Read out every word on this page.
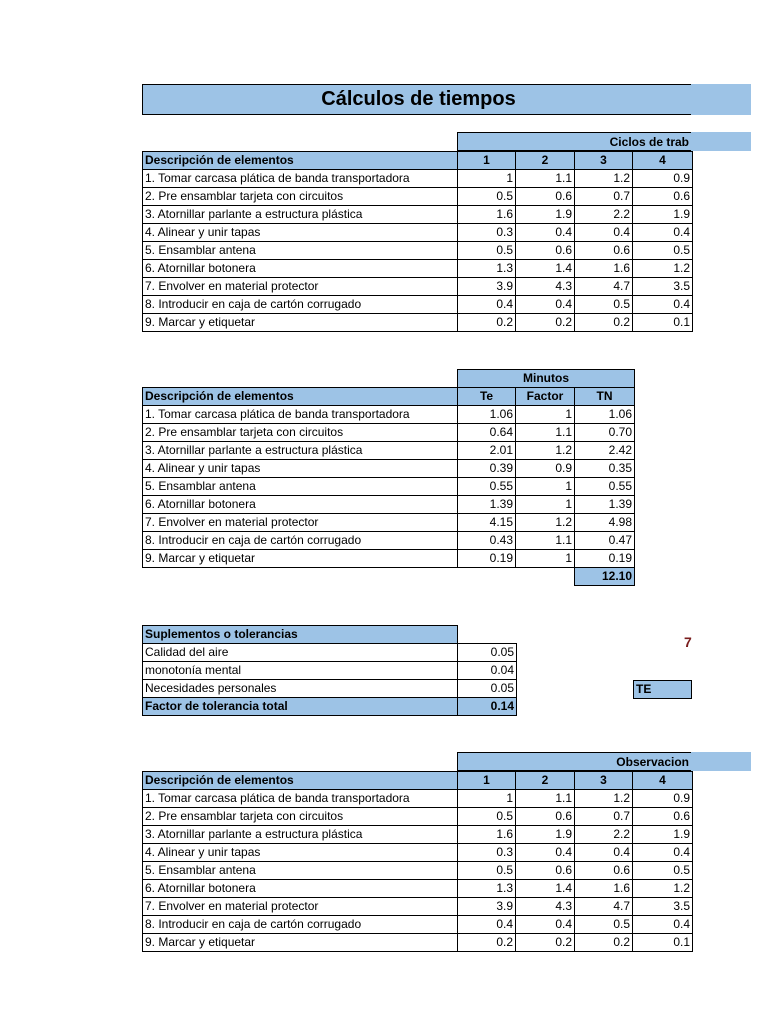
Cálculos de tiempos
Ciclos de trab
Descripción de elementos	1	2	3	4
1. Tomar carcasa plática de banda transportadora	1	1.1	1.2	0.9
2. Pre ensamblar tarjeta con circuitos	0.5	0.6	0.7	0.6
3. Atornillar parlante a estructura plástica	1.6	1.9	2.2	1.9
4. Alinear y unir tapas	0.3	0.4	0.4	0.4
5. Ensamblar antena	0.5	0.6	0.6	0.5
6. Atornillar botonera	1.3	1.4	1.6	1.2
7. Envolver en material protector	3.9	4.3	4.7	3.5
8. Introducir en caja de cartón corrugado	0.4	0.4	0.5	0.4
9. Marcar y etiquetar	0.2	0.2	0.2	0.1
	Minutos		
Descripción de elementos	Te	Factor	TN
1. Tomar carcasa plática de banda transportadora	1.06	1	1.06
2. Pre ensamblar tarjeta con circuitos	0.64	1.1	0.70
3. Atornillar parlante a estructura plástica	2.01	1.2	2.42
4. Alinear y unir tapas	0.39	0.9	0.35
5. Ensamblar antena	0.55	1	0.55
6. Atornillar botonera	1.39	1	1.39
7. Envolver en material protector	4.15	1.2	4.98
8. Introducir en caja de cartón corrugado	0.43	1.1	0.47
9. Marcar y etiquetar	0.19	1	0.19
			12.10
Suplementos o tolerancias	
Calidad del aire	0.05
monotonía mental	0.04
Necesidades personales	0.05
Factor de tolerancia total	0.14
7
TE
Observacion
Descripción de elementos	1	2	3	4
1. Tomar carcasa plática de banda transportadora	1	1.1	1.2	0.9
2. Pre ensamblar tarjeta con circuitos	0.5	0.6	0.7	0.6
3. Atornillar parlante a estructura plástica	1.6	1.9	2.2	1.9
4. Alinear y unir tapas	0.3	0.4	0.4	0.4
5. Ensamblar antena	0.5	0.6	0.6	0.5
6. Atornillar botonera	1.3	1.4	1.6	1.2
7. Envolver en material protector	3.9	4.3	4.7	3.5
8. Introducir en caja de cartón corrugado	0.4	0.4	0.5	0.4
9. Marcar y etiquetar	0.2	0.2	0.2	0.1
